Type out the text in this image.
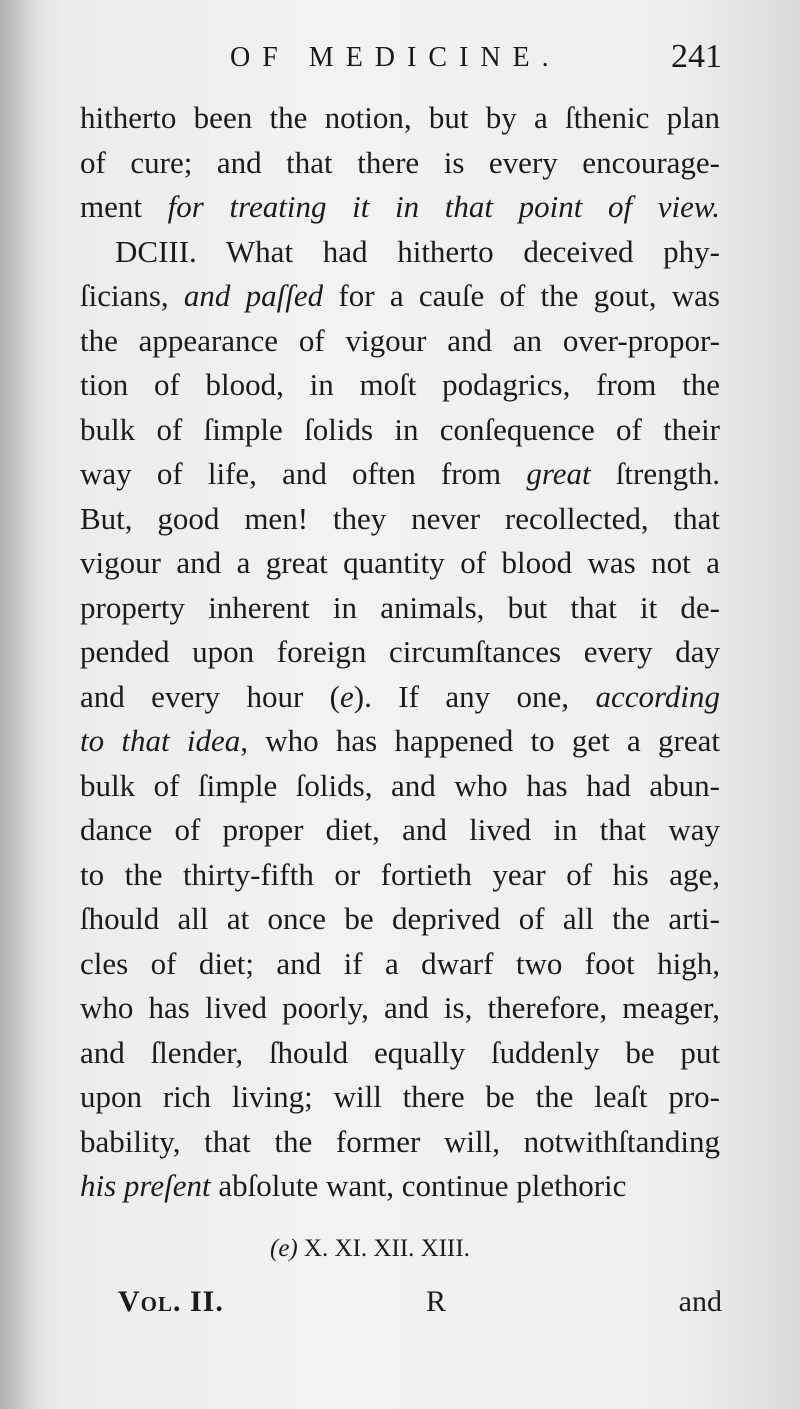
OF MEDICINE.	241
hitherto been the notion, but by a ſthenic plan
of cure; and that there is every encourage-
ment for treating it in that point of view.
DCIII. What had hitherto deceived phy-
ſicians, and paſſed for a cauſe of the gout, was
the appearance of vigour and an over-propor-
tion of blood, in moſt podagrics, from the
bulk of ſimple ſolids in conſequence of their
way of life, and often from great ſtrength.
But, good men! they never recollected, that
vigour and a great quantity of blood was not a
property inherent in animals, but that it de-
pended upon foreign circumſtances every day
and every hour (e). If any one, according
to that idea, who has happened to get a great
bulk of ſimple ſolids, and who has had abun-
dance of proper diet, and lived in that way
to the thirty-fifth or fortieth year of his age,
ſhould all at once be deprived of all the arti-
cles of diet; and if a dwarf two foot high,
who has lived poorly, and is, therefore, meager,
and ſlender, ſhould equally ſuddenly be put
upon rich living; will there be the leaſt pro-
bability, that the former will, notwithſtanding
his preſent abſolute want, continue plethoric
(e) X. XI. XII. XIII.
Vol. II.	R	and
